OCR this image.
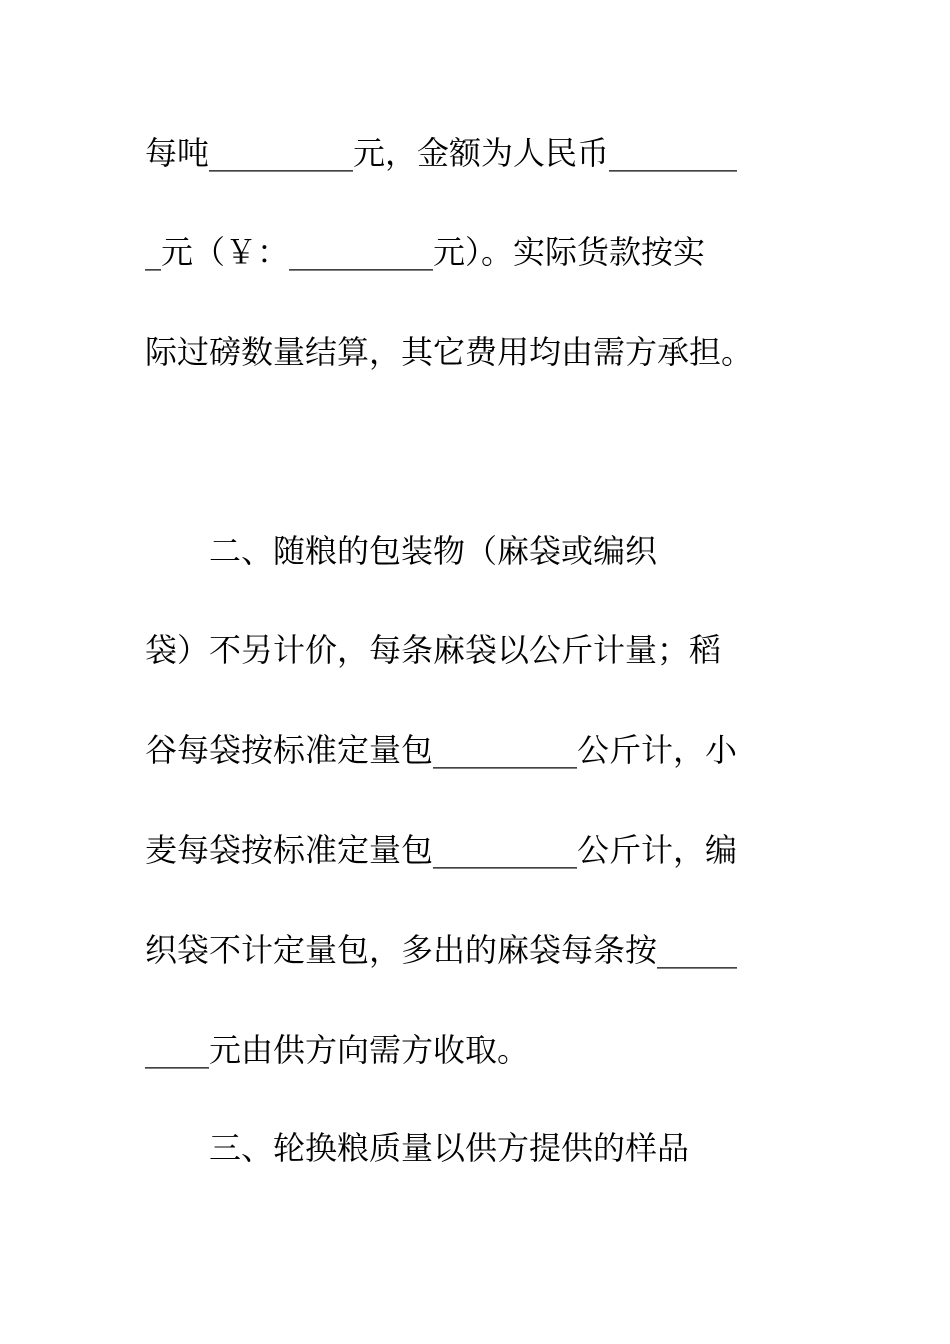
每吨_________元，金额为人民币________
_元（￥：_________元）。实际货款按实
际过磅数量结算，其它费用均由需方承担。
　　二、随粮的包装物（麻袋或编织
袋）不另计价，每条麻袋以公斤计量；稻
谷每袋按标准定量包_________公斤计，小
麦每袋按标准定量包_________公斤计，编
织袋不计定量包，多出的麻袋每条按_____
____元由供方向需方收取。
　　三、轮换粮质量以供方提供的样品
